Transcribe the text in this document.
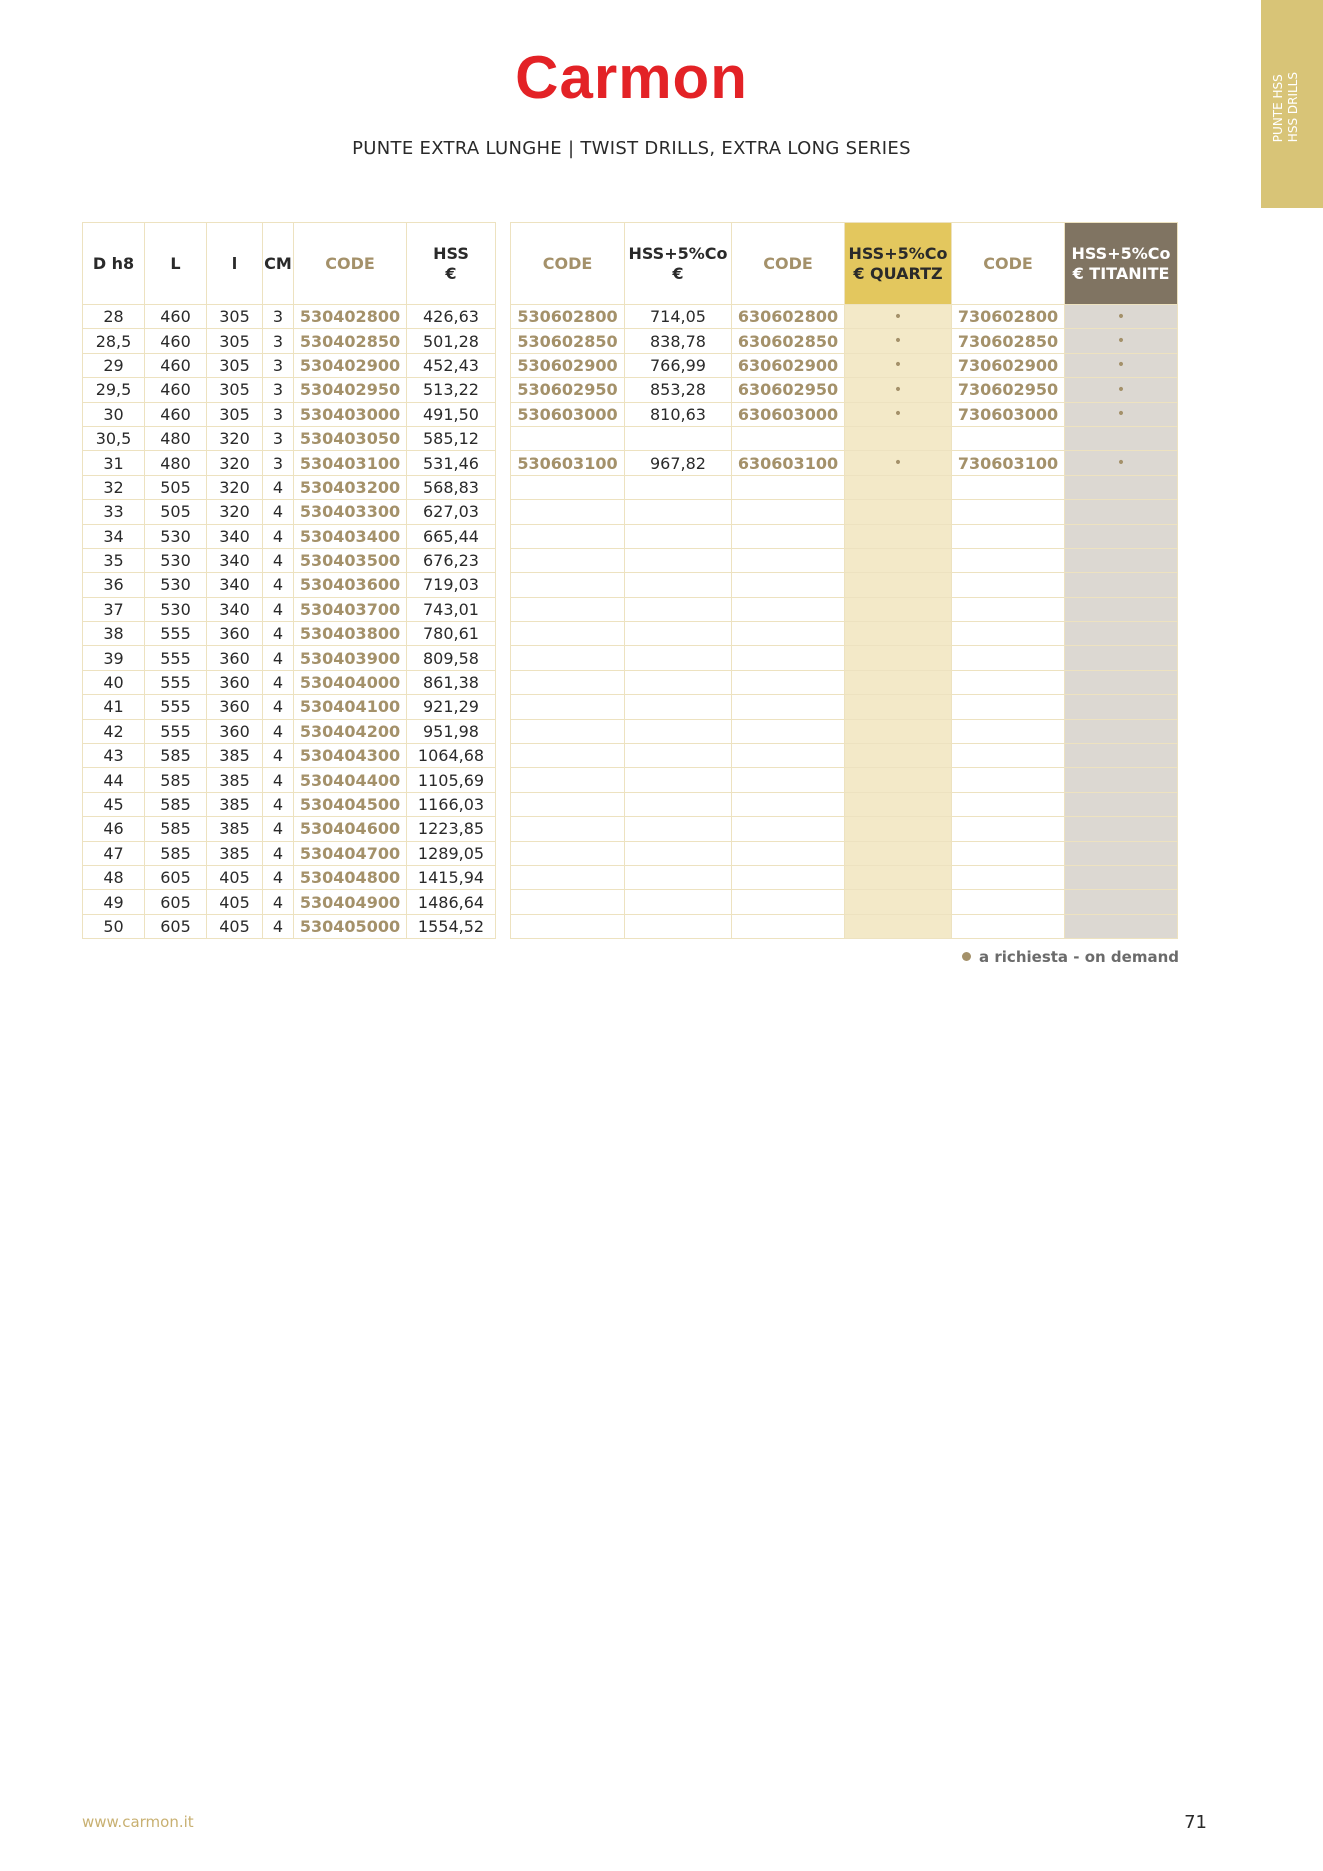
Carmon
PUNTE EXTRA LUNGHE | TWIST DRILLS, EXTRA LONG SERIES
PUNTE HSS HSS DRILLS
D h8	L	l	CM	CODE	HSS
€
28	460	305	3	530402800	426,63
28,5	460	305	3	530402850	501,28
29	460	305	3	530402900	452,43
29,5	460	305	3	530402950	513,22
30	460	305	3	530403000	491,50
30,5	480	320	3	530403050	585,12
31	480	320	3	530403100	531,46
32	505	320	4	530403200	568,83
33	505	320	4	530403300	627,03
34	530	340	4	530403400	665,44
35	530	340	4	530403500	676,23
36	530	340	4	530403600	719,03
37	530	340	4	530403700	743,01
38	555	360	4	530403800	780,61
39	555	360	4	530403900	809,58
40	555	360	4	530404000	861,38
41	555	360	4	530404100	921,29
42	555	360	4	530404200	951,98
43	585	385	4	530404300	1064,68
44	585	385	4	530404400	1105,69
45	585	385	4	530404500	1166,03
46	585	385	4	530404600	1223,85
47	585	385	4	530404700	1289,05
48	605	405	4	530404800	1415,94
49	605	405	4	530404900	1486,64
50	605	405	4	530405000	1554,52
CODE	HSS+5%Co
€	CODE	HSS+5%Co
€ QUARTZ	CODE	HSS+5%Co
€ TITANITE
530602800	714,05	630602800	•	730602800	•
530602850	838,78	630602850	•	730602850	•
530602900	766,99	630602900	•	730602900	•
530602950	853,28	630602950	•	730602950	•
530603000	810,63	630603000	•	730603000	•

530603100	967,82	630603100	•	730603100	•

a richiesta - on demand
www.carmon.it	71
